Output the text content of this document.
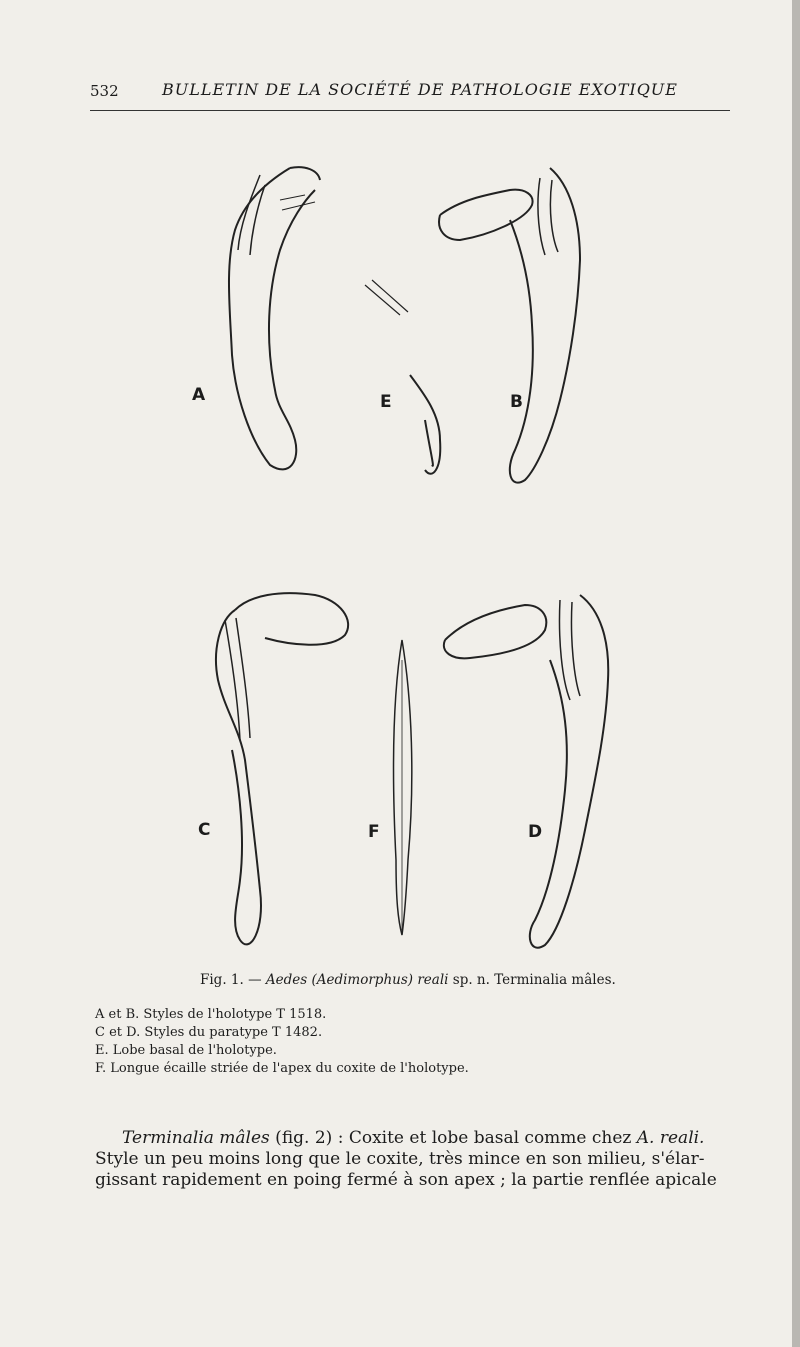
532	BULLETIN DE LA SOCIÉTÉ DE PATHOLOGIE EXOTIQUE
A	E	B
C	F	D
Fig. 1. — Aedes (Aedimorphus) reali sp. n. Terminalia mâles.
A et B. Styles de l'holotype T 1518.
C et D. Styles du paratype T 1482.
E. Lobe basal de l'holotype.
F. Longue écaille striée de l'apex du coxite de l'holotype.
Terminalia mâles (fig. 2) : Coxite et lobe basal comme chez A. reali.
Style un peu moins long que le coxite, très mince en son milieu, s'élar-
gissant rapidement en poing fermé à son apex ; la partie renflée apicale
